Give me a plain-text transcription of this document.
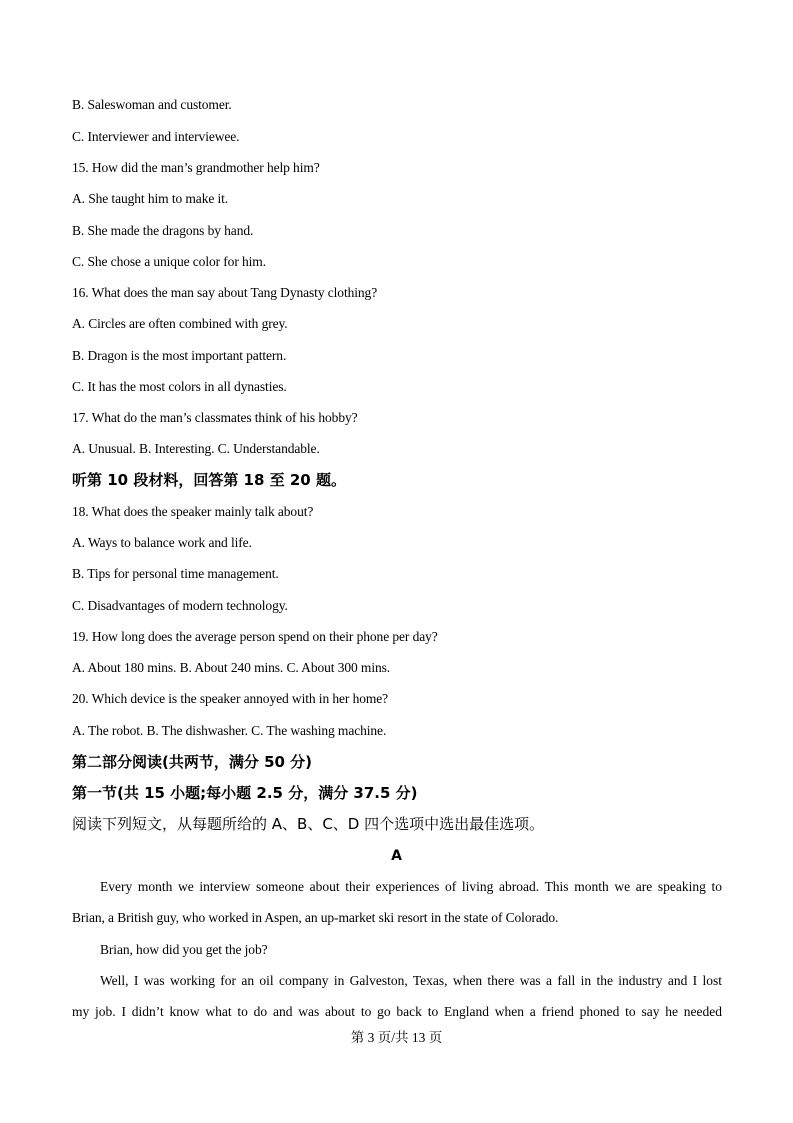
B. Saleswoman and customer.
C. Interviewer and interviewee.
15. How did the man’s grandmother help him?
A. She taught him to make it.
B. She made the dragons by hand.
C. She chose a unique color for him.
16. What does the man say about Tang Dynasty clothing?
A. Circles are often combined with grey.
B. Dragon is the most important pattern.
C. It has the most colors in all dynasties.
17. What do the man’s classmates think of his hobby?
A. Unusual. B. Interesting. C. Understandable.
听第 10 段材料，回答第 18 至 20 题。
18. What does the speaker mainly talk about?
A. Ways to balance work and life.
B. Tips for personal time management.
C. Disadvantages of modern technology.
19. How long does the average person spend on their phone per day?
A. About 180 mins. B. About 240 mins. C. About 300 mins.
20. Which device is the speaker annoyed with in her home?
A. The robot. B. The dishwasher. C. The washing machine.
第二部分阅读(共两节，满分 50 分)
第一节(共 15 小题;每小题 2.5 分，满分 37.5 分)
阅读下列短文，从每题所给的 A、B、C、D 四个选项中选出最佳选项。
A
Every month we interview someone about their experiences of living abroad. This month we are speaking to
Brian, a British guy, who worked in Aspen, an up-market ski resort in the state of Colorado.
Brian, how did you get the job?
Well, I was working for an oil company in Galveston, Texas, when there was a fall in the industry and I lost
my job. I didn’t know what to do and was about to go back to England when a friend phoned to say he needed
第 3 页/共 13 页
